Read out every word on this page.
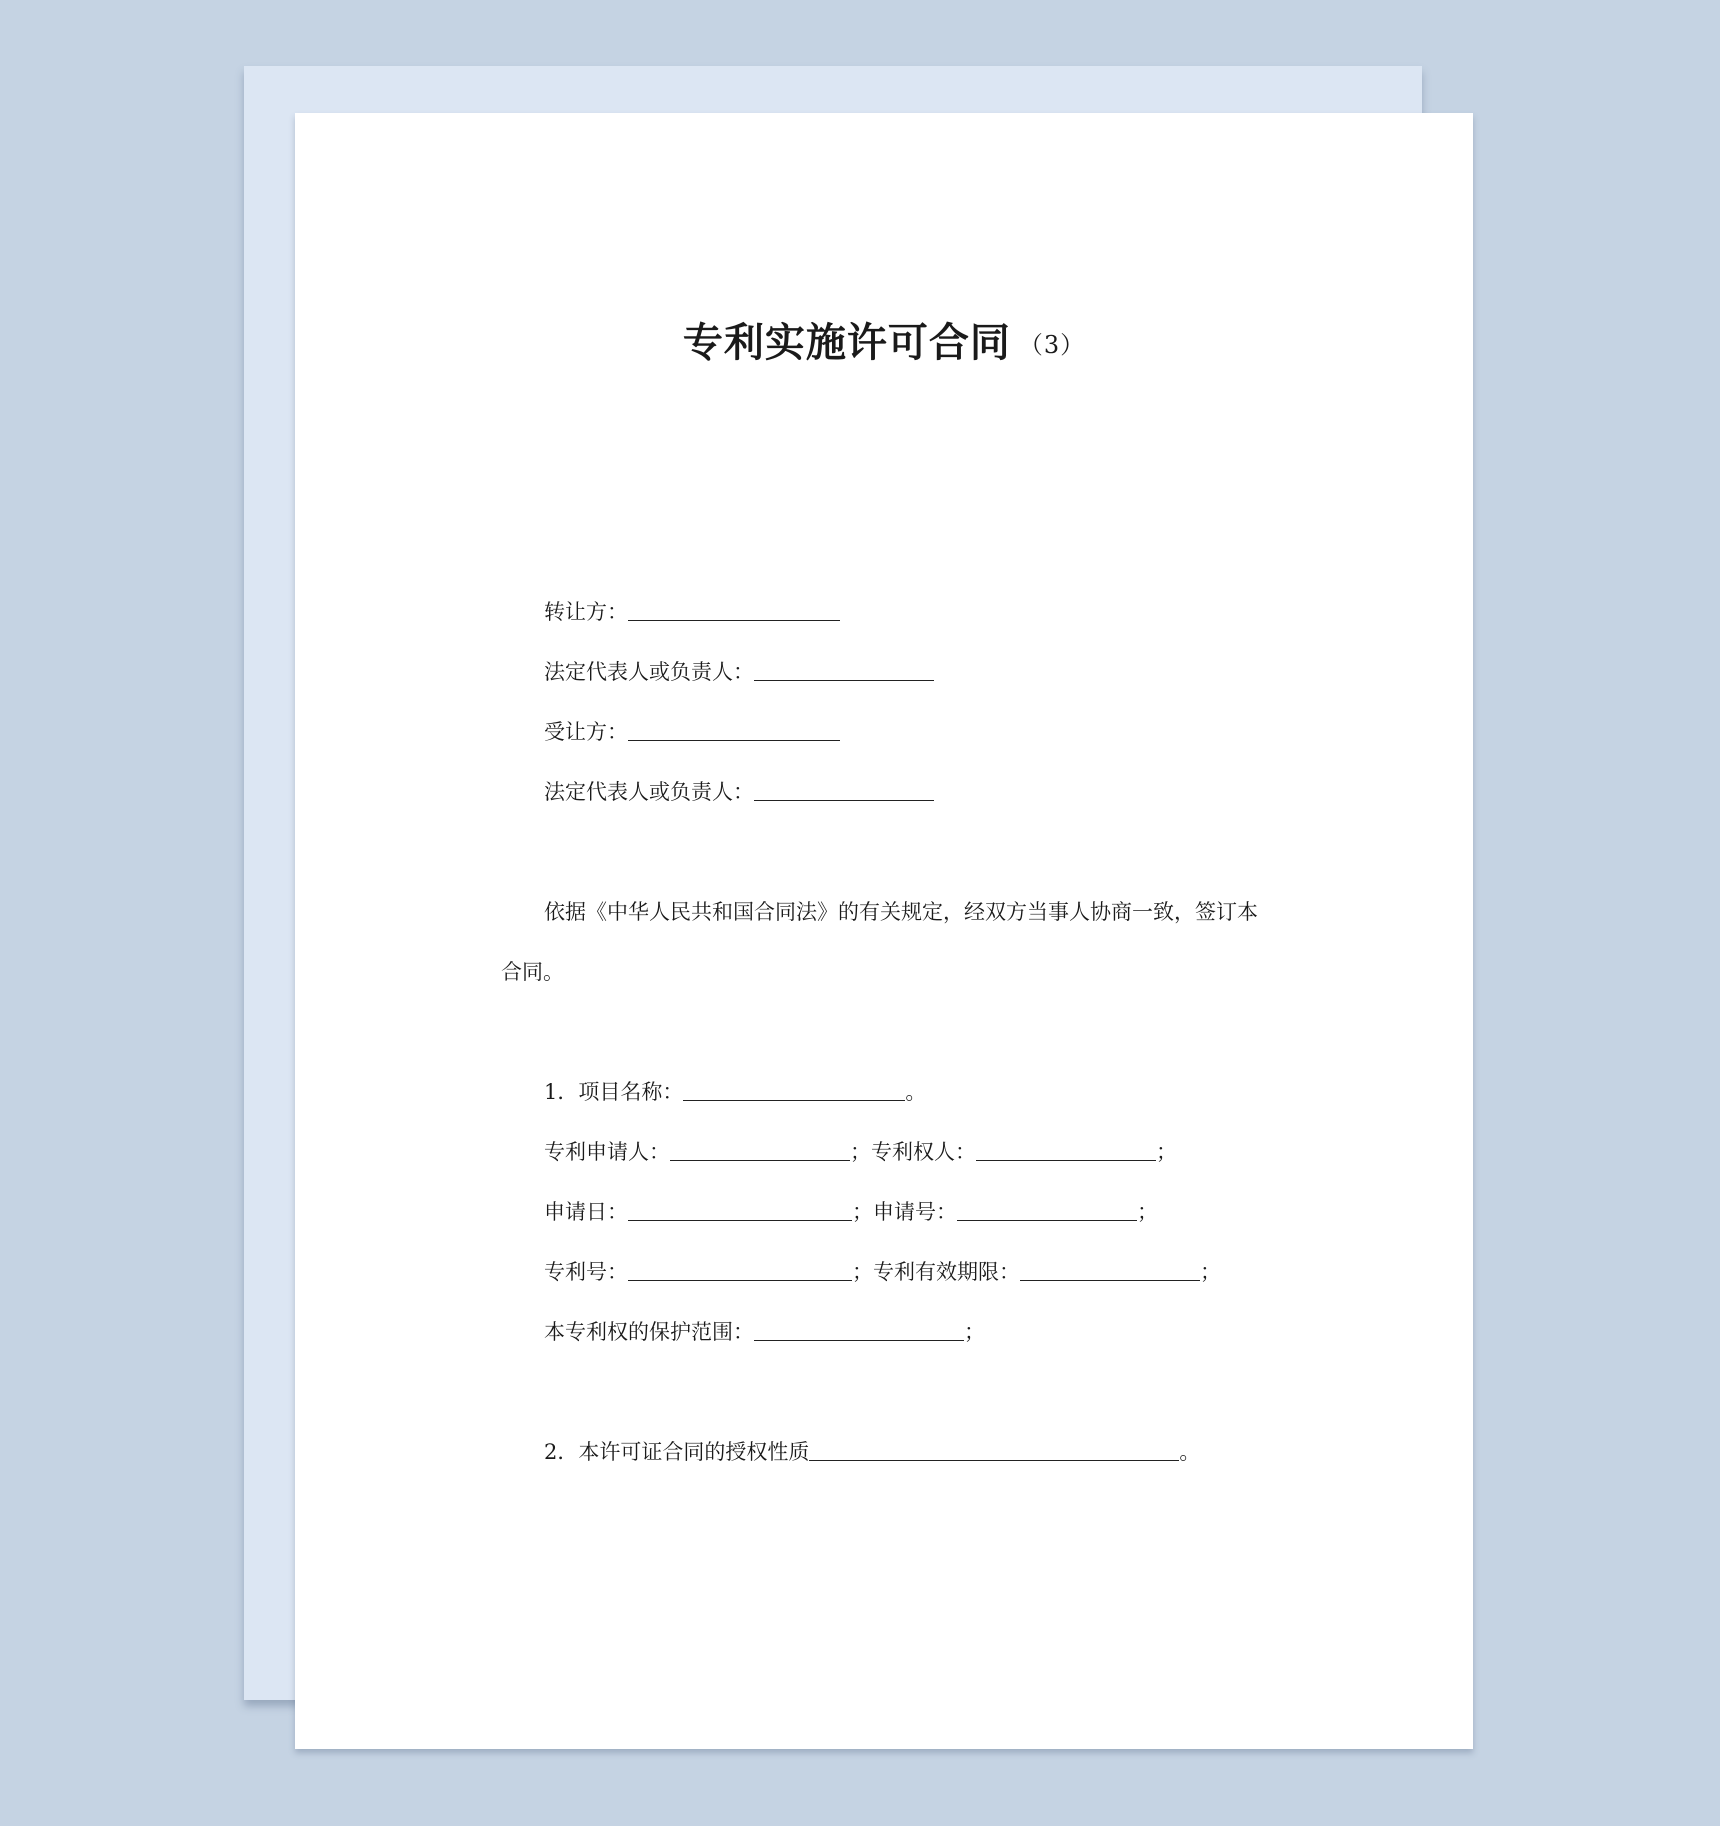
专利实施许可合同 （3）
转让方：
法定代表人或负责人：
受让方：
法定代表人或负责人：
依据《中华人民共和国合同法》的有关规定，经双方当事人协商一致，签订本
合同。
1．项目名称：	。
专利申请人：	；专利权人：	；
申请日：	；申请号：	；
专利号：	；专利有效期限：	；
本专利权的保护范围：	；
2．本许可证合同的授权性质	。
